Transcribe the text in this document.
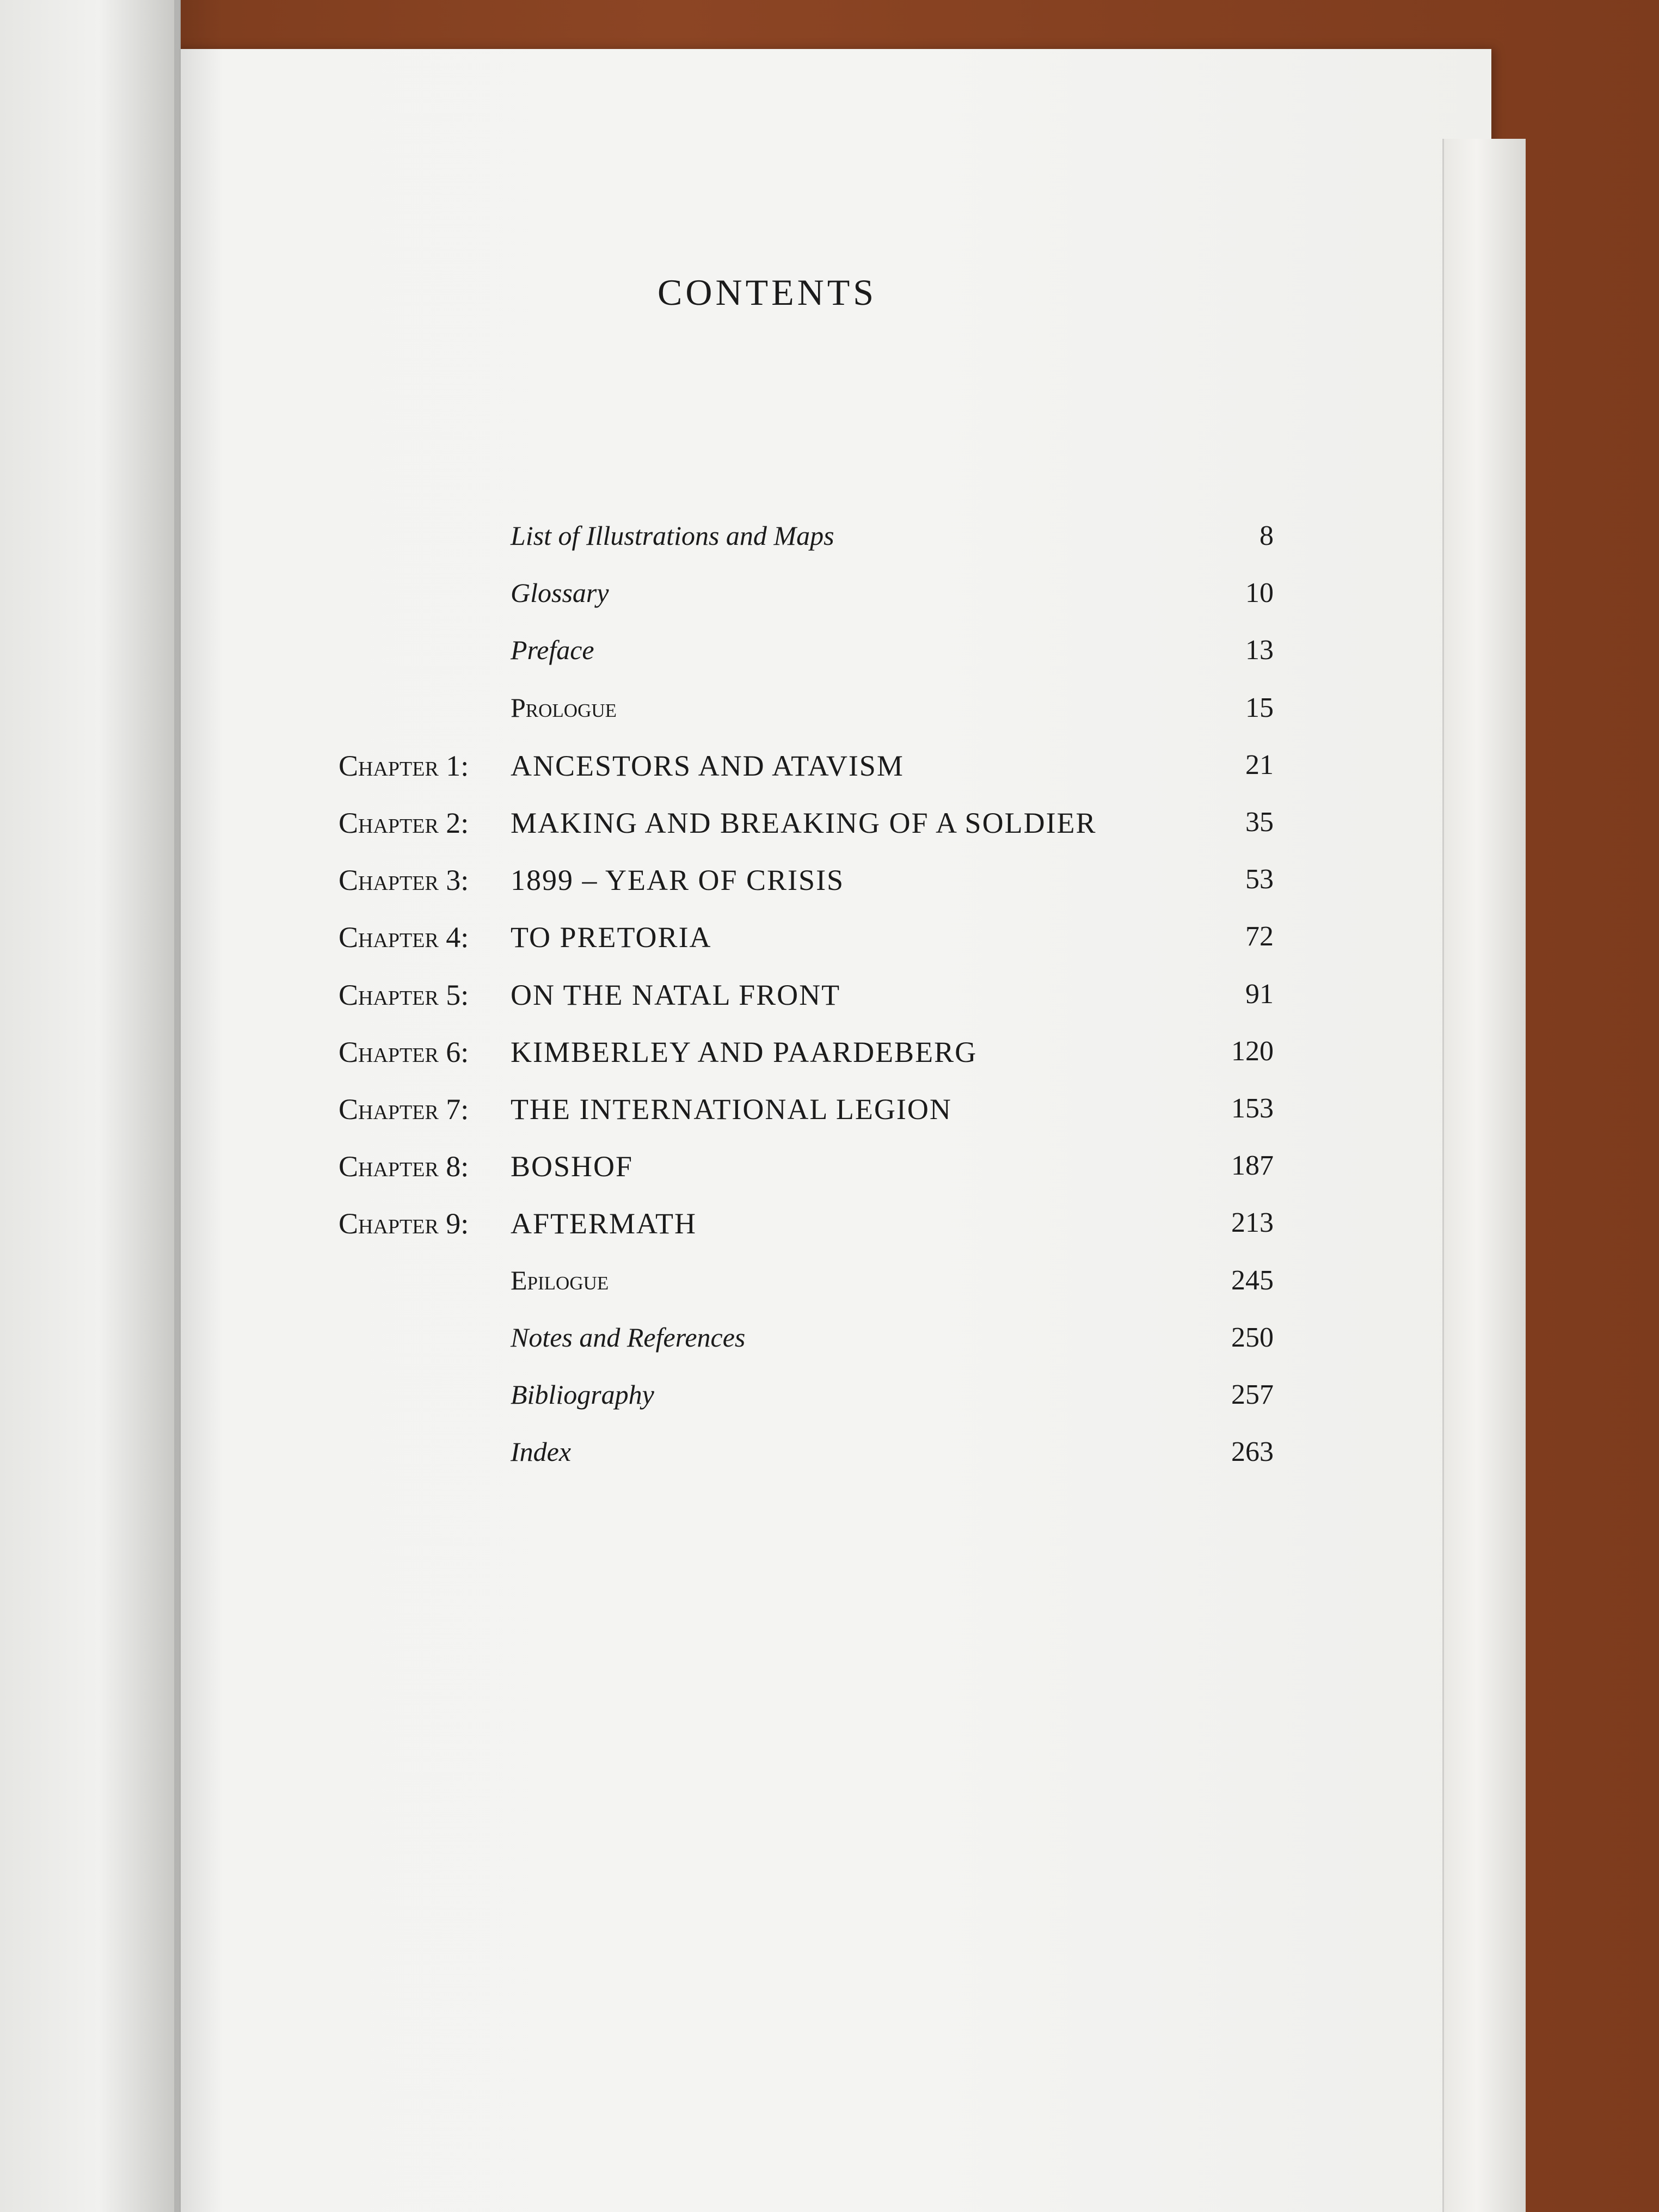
CONTENTS
List of Illustrations and Maps	8
Glossary	10
Preface	13
Prologue	15
Chapter 1: ANCESTORS AND ATAVISM	21
Chapter 2: MAKING AND BREAKING OF A SOLDIER	35
Chapter 3: 1899 – YEAR OF CRISIS	53
Chapter 4: TO PRETORIA	72
Chapter 5: ON THE NATAL FRONT	91
Chapter 6: KIMBERLEY AND PAARDEBERG	120
Chapter 7: THE INTERNATIONAL LEGION	153
Chapter 8: BOSHOF	187
Chapter 9: AFTERMATH	213
Epilogue	245
Notes and References	250
Bibliography	257
Index	263
